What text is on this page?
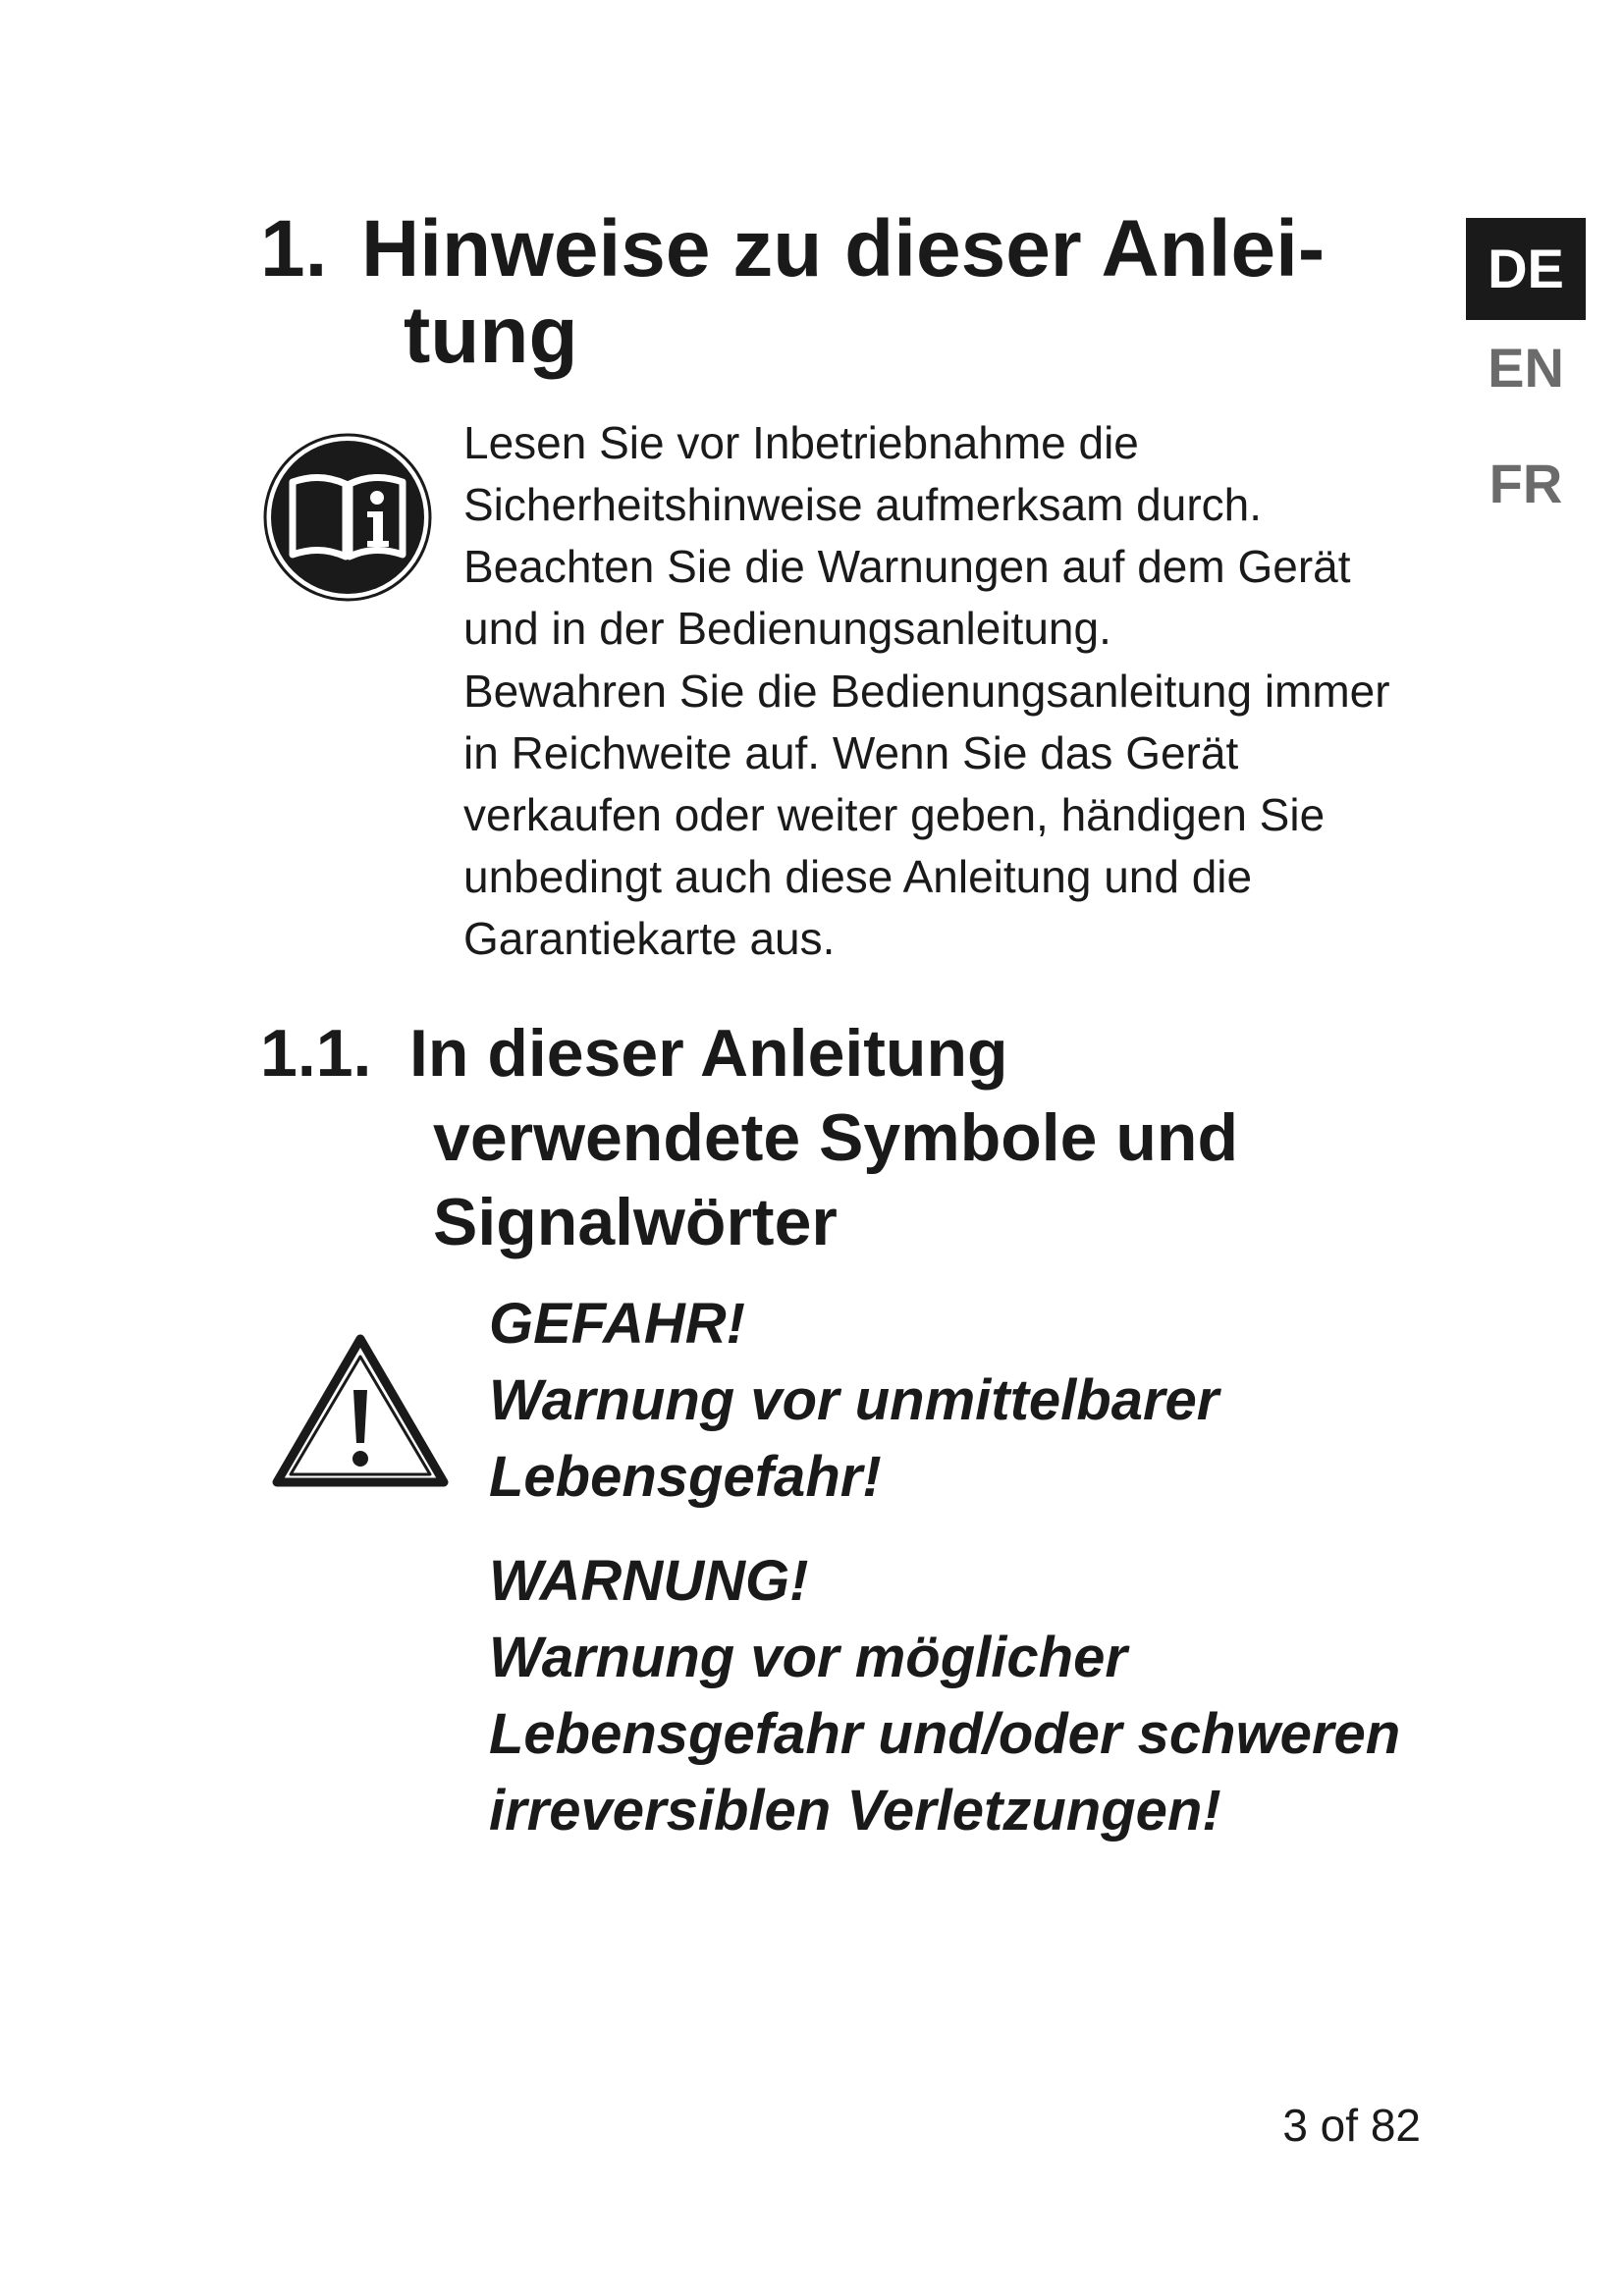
DE
EN
FR
1. Hinweise zu dieser Anlei-
tung
Lesen Sie vor Inbetriebnahme die Sicherheitshinweise aufmerksam durch. Beachten Sie die Warnungen auf dem Gerät und in der Bedienungsanleitung.
Bewahren Sie die Bedienungsanleitung immer in Reichweite auf. Wenn Sie das Gerät verkaufen oder weiter geben, händigen Sie unbedingt auch diese Anleitung und die Garantiekarte aus.
1.1. In dieser Anleitung
verwendete Symbole und
Signalwörter
GEFAHR!
Warnung vor unmittelbarer Lebensgefahr!
WARNUNG!
Warnung vor möglicher Lebensgefahr und/oder schweren irreversiblen Verletzungen!
3 of 82
